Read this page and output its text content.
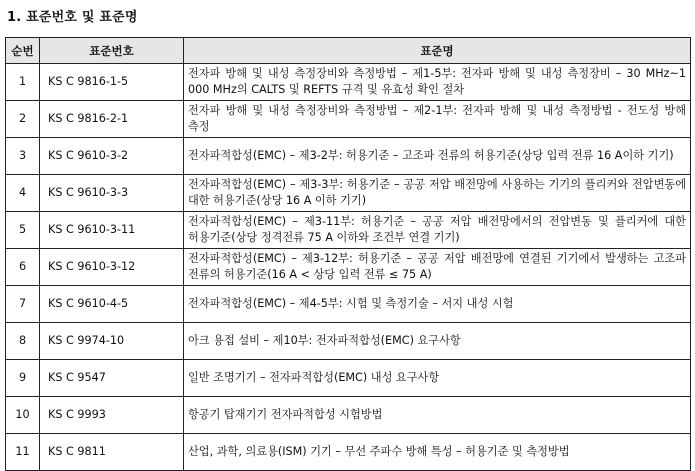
1. 표준번호 및 표준명
순번	표준번호	표준명
1	KS C 9816-1-5	전자파 방해 및 내성 측정장비와 측정방법 – 제1-5부: 전자파 방해 및 내성 측정장비 – 30 MHz~1 000 MHz의 CALTS 및 REFTS 규격 및 유효성 확인 절차
2	KS C 9816-2-1	전자파 방해 및 내성 측정장비와 측정방법 – 제2-1부: 전자파 방해 및 내성 측정방법 - 전도성 방해 측정
3	KS C 9610-3-2	전자파적합성(EMC) – 제3-2부: 허용기준 – 고조파 전류의 허용기준(상당 입력 전류 16 A이하 기기)
4	KS C 9610-3-3	전자파적합성(EMC) – 제3-3부: 허용기준 – 공공 저압 배전망에 사용하는 기기의 플리커와 전압변동에 대한 허용기준(상당 16 A 이하 기기)
5	KS C 9610-3-11	전자파적합성(EMC) – 제3-11부: 허용기준 – 공공 저압 배전망에서의 전압변동 및 플리커에 대한 허용기준(상당 정격전류 75 A 이하와 조건부 연결 기기)
6	KS C 9610-3-12	전자파적합성(EMC) – 제3-12부: 허용기준 – 공공 저압 배전망에 연결된 기기에서 발생하는 고조파 전류의 허용기준(16 A < 상당 입력 전류 ≤ 75 A)
7	KS C 9610-4-5	전자파적합성(EMC) – 제4-5부: 시험 및 측정기술 – 서지 내성 시험
8	KS C 9974-10	아크 용접 설비 – 제10부: 전자파적합성(EMC) 요구사항
9	KS C 9547	일반 조명기기 – 전자파적합성(EMC) 내성 요구사항
10	KS C 9993	항공기 탑재기기 전자파적합성 시험방법
11	KS C 9811	산업, 과학, 의료용(ISM) 기기 – 무선 주파수 방해 특성 – 허용기준 및 측정방법
